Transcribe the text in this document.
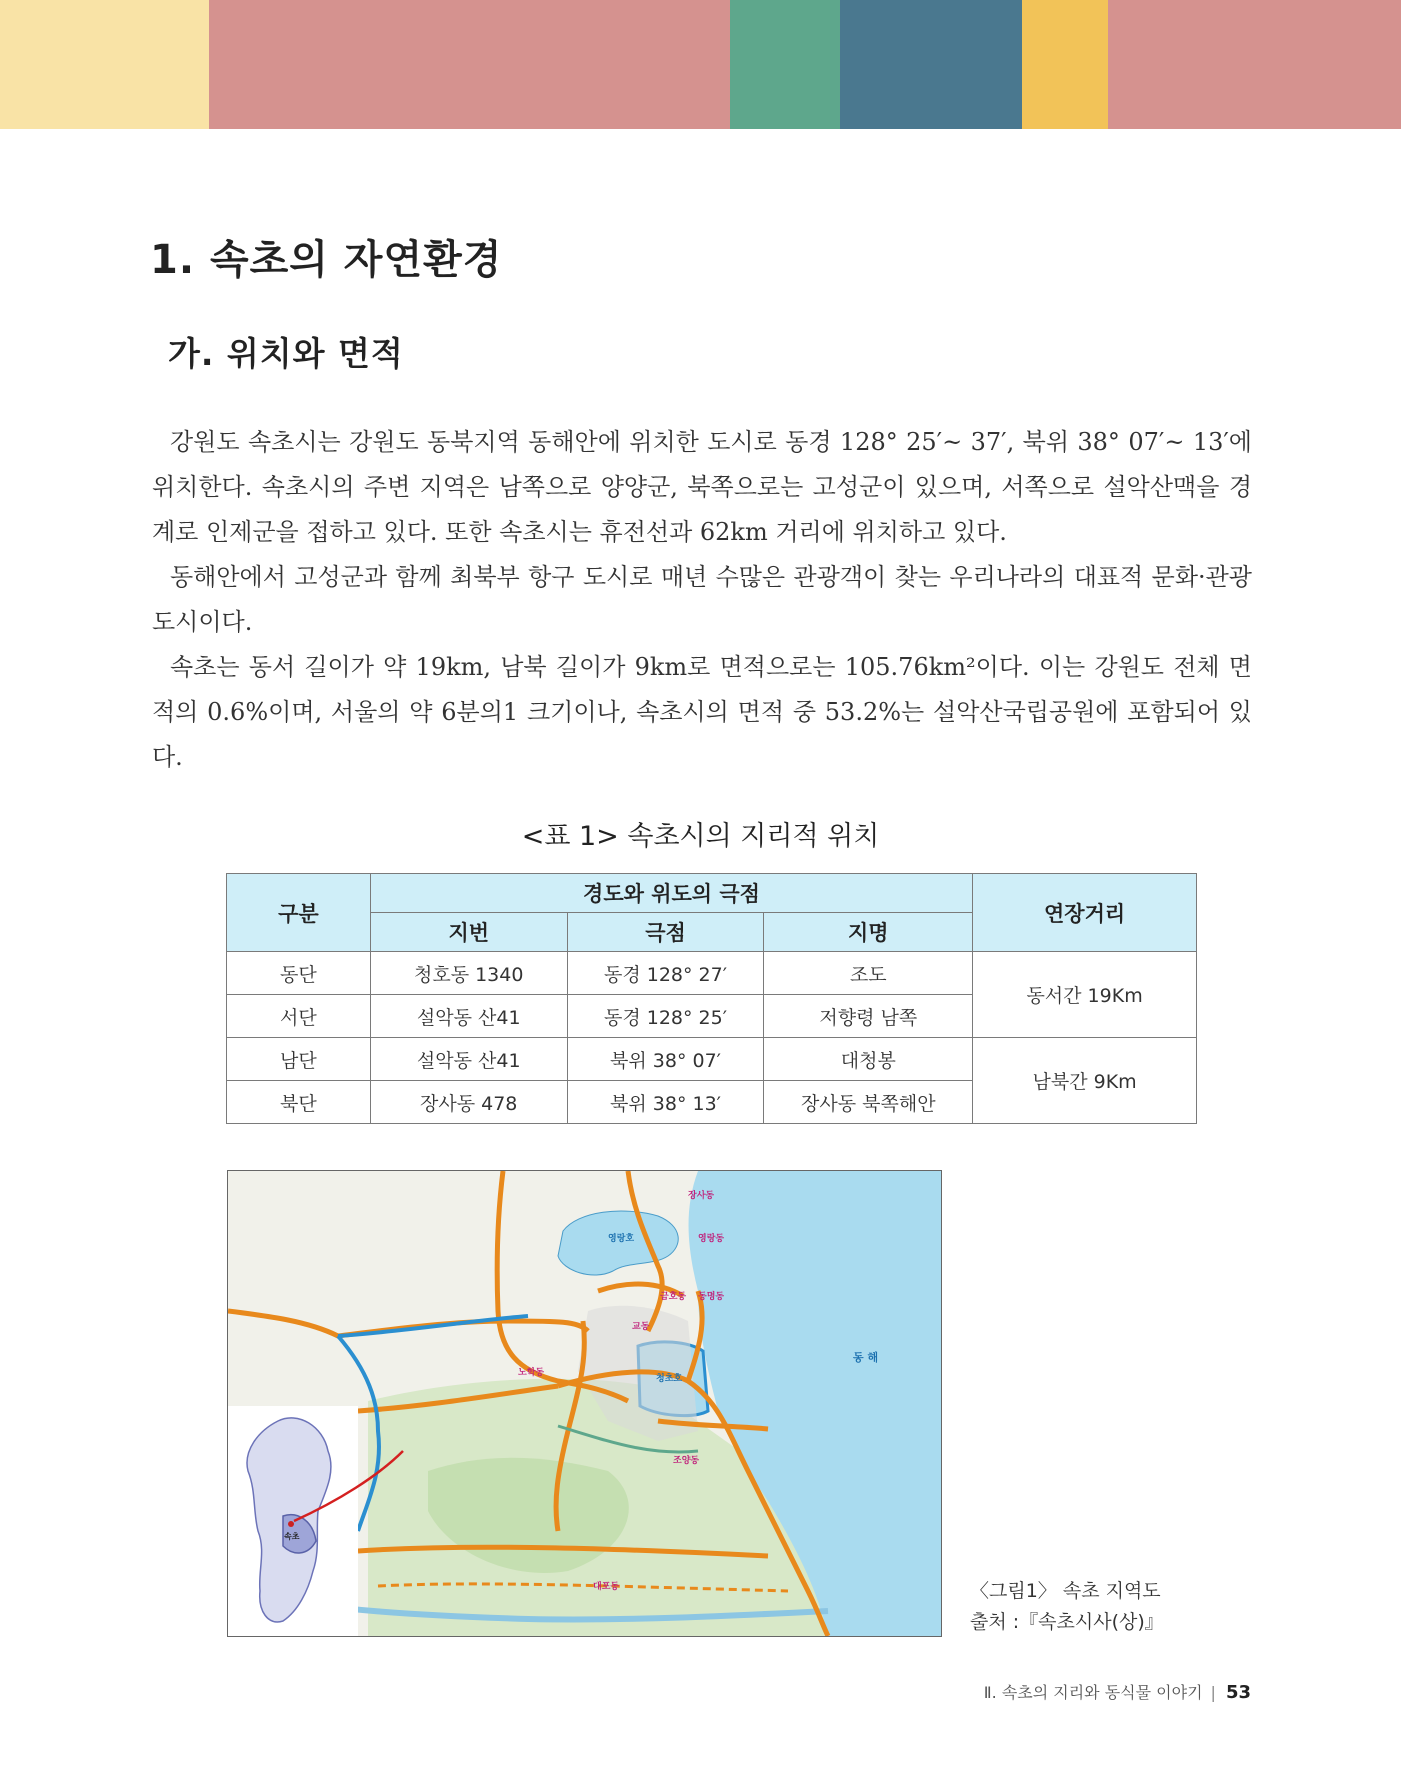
1. 속초의 자연환경
가. 위치와 면적

강원도 속초시는 강원도 동북지역 동해안에 위치한 도시로 동경 128° 25′~ 37′, 북위 38° 07′~ 13′에 위치한다. 속초시의 주변 지역은 남쪽으로 양양군, 북쪽으로는 고성군이 있으며, 서쪽으로 설악산맥을 경계로 인제군을 접하고 있다. 또한 속초시는 휴전선과 62km 거리에 위치하고 있다.

동해안에서 고성군과 함께 최북부 항구 도시로 매년 수많은 관광객이 찾는 우리나라의 대표적 문화·관광 도시이다.

속초는 동서 길이가 약 19km, 남북 길이가 9km로 면적으로는 105.76km²이다. 이는 강원도 전체 면적의 0.6%이며, 서울의 약 6분의1 크기이나, 속초시의 면적 중 53.2%는 설악산국립공원에 포함되어 있다.

<표 1> 속초시의 지리적 위치
구분	경도와 위도의 극점			연장거리
	지번	극점	지명	
동단	청호동 1340	동경 128° 27′	조도	동서간 19Km
서단	설악동 산41	동경 128° 25′	저향령 남쪽	
남단	설악동 산41	북위 38° 07′	대청봉	남북간 9Km
북단	장사동 478	북위 38° 13′	장사동 북쪽해안	
장사동
영랑호	영랑동
금호동 동명동
교동
노학동
청초호
동 해
조양동
대포동
속초
〈그림1〉 속초 지역도
출처 :『속초시사(상)』
Ⅱ. 속초의 지리와 동식물 이야기 | 53
